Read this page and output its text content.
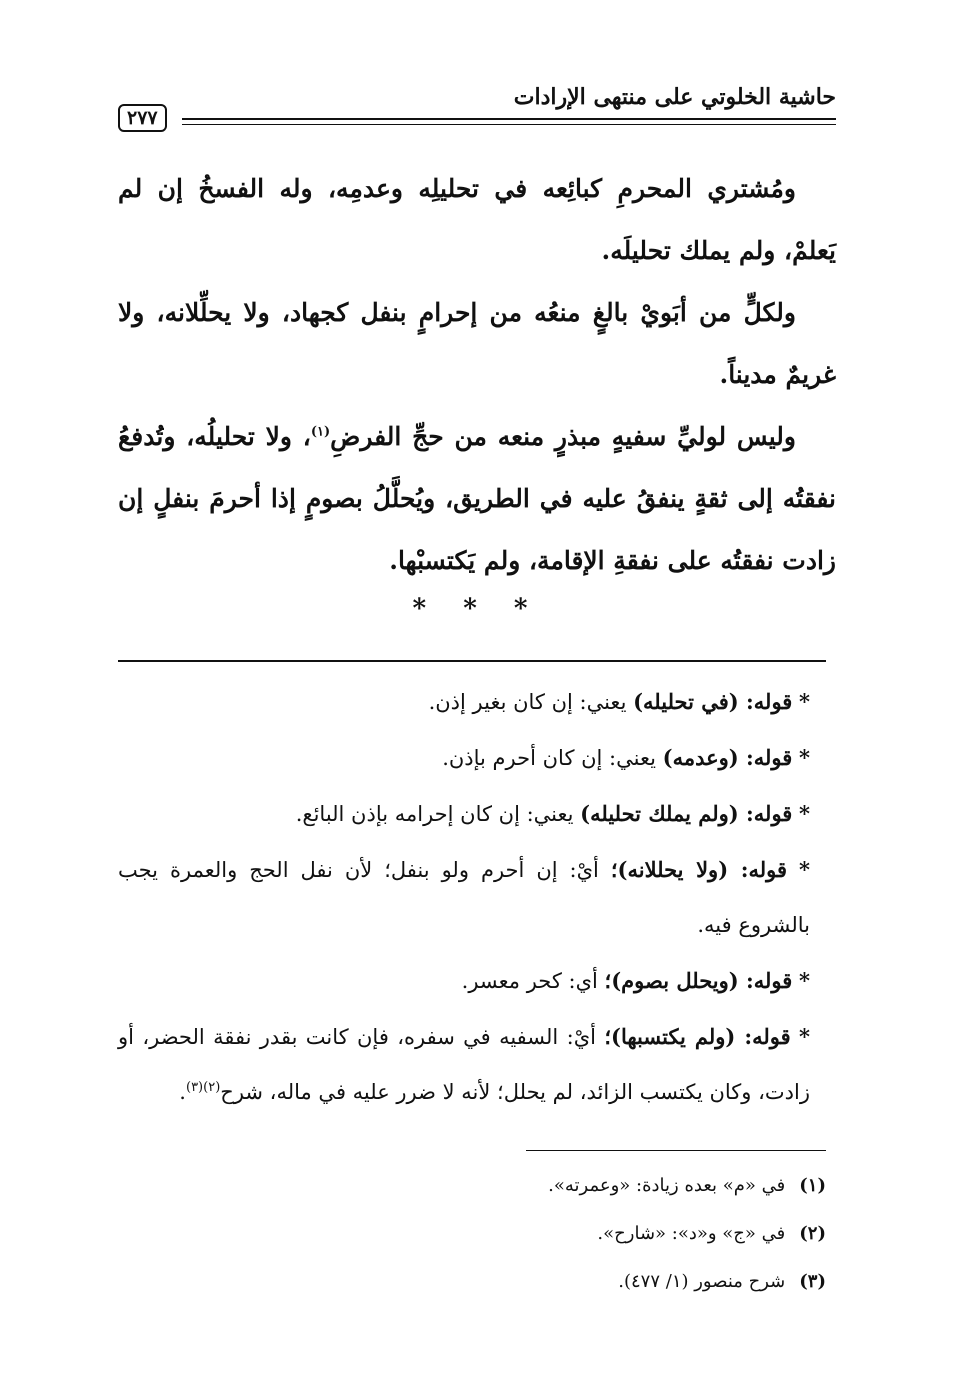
حاشية الخلوتي على منتهى الإرادات
٢٧٧

ومُشتري المحرمِ كبائِعه في تحليلِه وعدمِه، وله الفسخُ إن لم يَعلمْ، ولم يملك تحليلَه.

ولكلٍّ من أبَويْ بالغٍ منعُه من إحرامٍ بنفل كجهاد، ولا يحلِّلانه، ولا غريمٌ مديناً.

وليس لوليِّ سفيهٍ مبذرٍ منعه من حجِّ الفرضِ$^{(١)}$، ولا تحليلُه، وتُدفعُ نفقتُه إلى ثقةٍ ينفقُ عليه في الطريق، ويُحلَّلُ بصومٍ إذا أحرمَ بنفلٍ إن زادت نفقتُه على نفقةِ الإقامة، ولم يَكتسبْها.

* * *

* قوله: (في تحليله) يعني: إن كان بغير إذن.

* قوله: (وعدمه) يعني: إن كان أحرم بإذن.

* قوله: (ولم يملك تحليله) يعني: إن كان إحرامه بإذن البائع.

* قوله: (ولا يحللانه)؛ أيْ: إن أحرم ولو بنفل؛ لأن نفل الحج والعمرة يجب بالشروع فيه.

* قوله: (ويحلل بصوم)؛ أي: كحر معسر.

* قوله: (ولم يكتسبها)؛ أيْ: السفيه في سفره، فإن كانت بقدر نفقة الحضر، أو زادت، وكان يكتسب الزائد، لم يحلل؛ لأنه لا ضرر عليه في ماله، شرح$^{(٢)(٣)}$.

(١)في «م» بعده زيادة: «وعمرته».

(٢)في «ج» و«د»: «شارح».

(٣)شرح منصور (١/ ٤٧٧).
